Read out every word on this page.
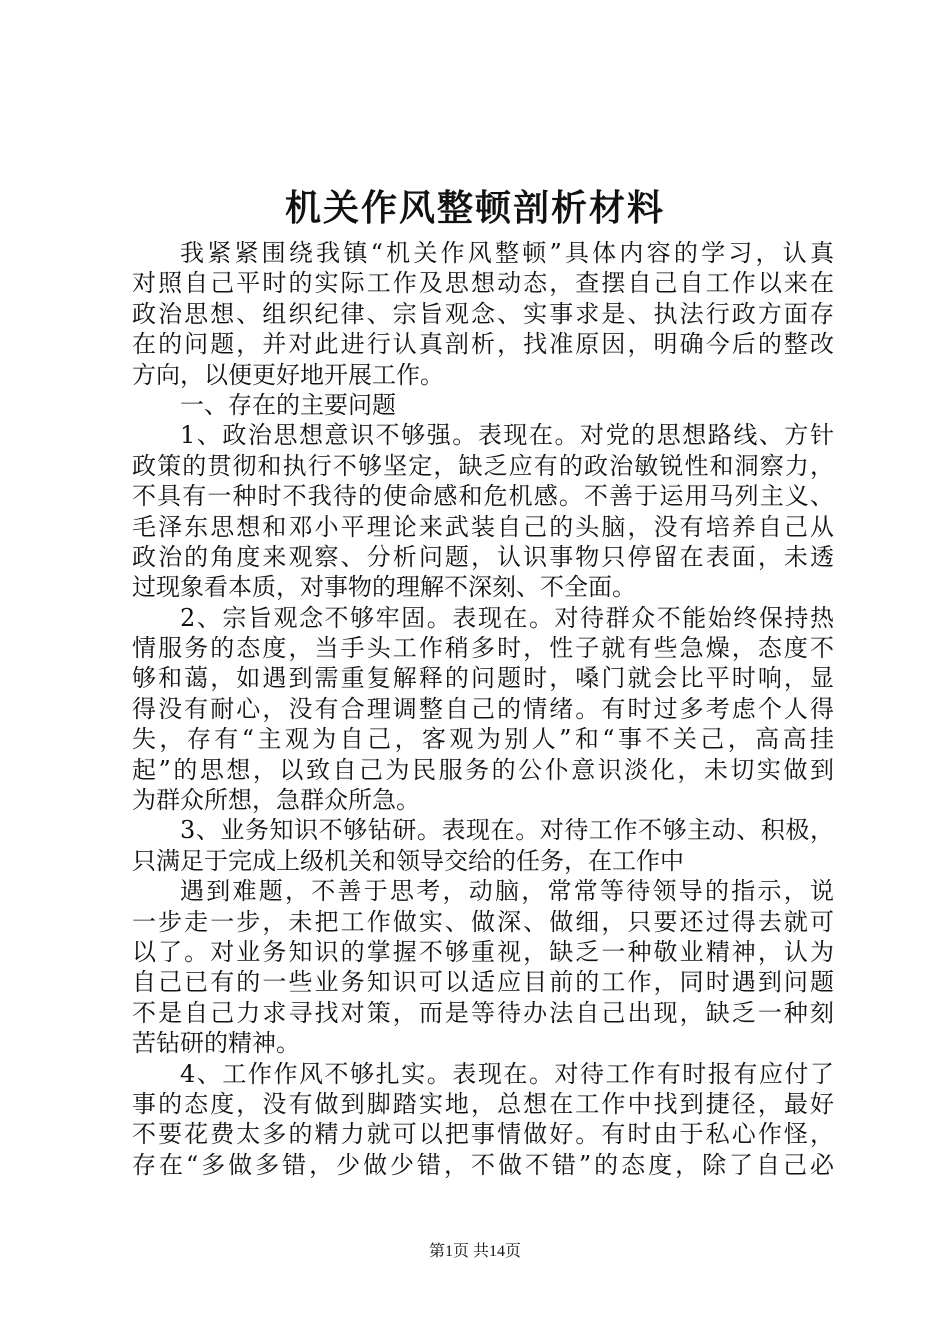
机关作风整顿剖析材料
我紧紧围绕我镇“机关作风整顿”具体内容的学习，认真
对照自己平时的实际工作及思想动态，查摆自己自工作以来在
政治思想、组织纪律、宗旨观念、实事求是、执法行政方面存
在的问题，并对此进行认真剖析，找准原因，明确今后的整改
方向，以便更好地开展工作。
一、存在的主要问题
1、政治思想意识不够强。表现在。对党的思想路线、方针
政策的贯彻和执行不够坚定，缺乏应有的政治敏锐性和洞察力，
不具有一种时不我待的使命感和危机感。不善于运用马列主义、
毛泽东思想和邓小平理论来武装自己的头脑，没有培养自己从
政治的角度来观察、分析问题，认识事物只停留在表面，未透
过现象看本质，对事物的理解不深刻、不全面。
2、宗旨观念不够牢固。表现在。对待群众不能始终保持热
情服务的态度，当手头工作稍多时，性子就有些急燥，态度不
够和蔼，如遇到需重复解释的问题时，嗓门就会比平时响，显
得没有耐心，没有合理调整自己的情绪。有时过多考虑个人得
失，存有“主观为自己，客观为别人”和“事不关己，高高挂
起”的思想，以致自己为民服务的公仆意识淡化，未切实做到
为群众所想，急群众所急。
3、业务知识不够钻研。表现在。对待工作不够主动、积极，
只满足于完成上级机关和领导交给的任务，在工作中
遇到难题，不善于思考，动脑，常常等待领导的指示，说
一步走一步，未把工作做实、做深、做细，只要还过得去就可
以了。对业务知识的掌握不够重视，缺乏一种敬业精神，认为
自己已有的一些业务知识可以适应目前的工作，同时遇到问题
不是自己力求寻找对策，而是等待办法自己出现，缺乏一种刻
苦钻研的精神。
4、工作作风不够扎实。表现在。对待工作有时报有应付了
事的态度，没有做到脚踏实地，总想在工作中找到捷径，最好
不要花费太多的精力就可以把事情做好。有时由于私心作怪，
存在“多做多错，少做少错，不做不错”的态度，除了自己必
第1页 共14页
